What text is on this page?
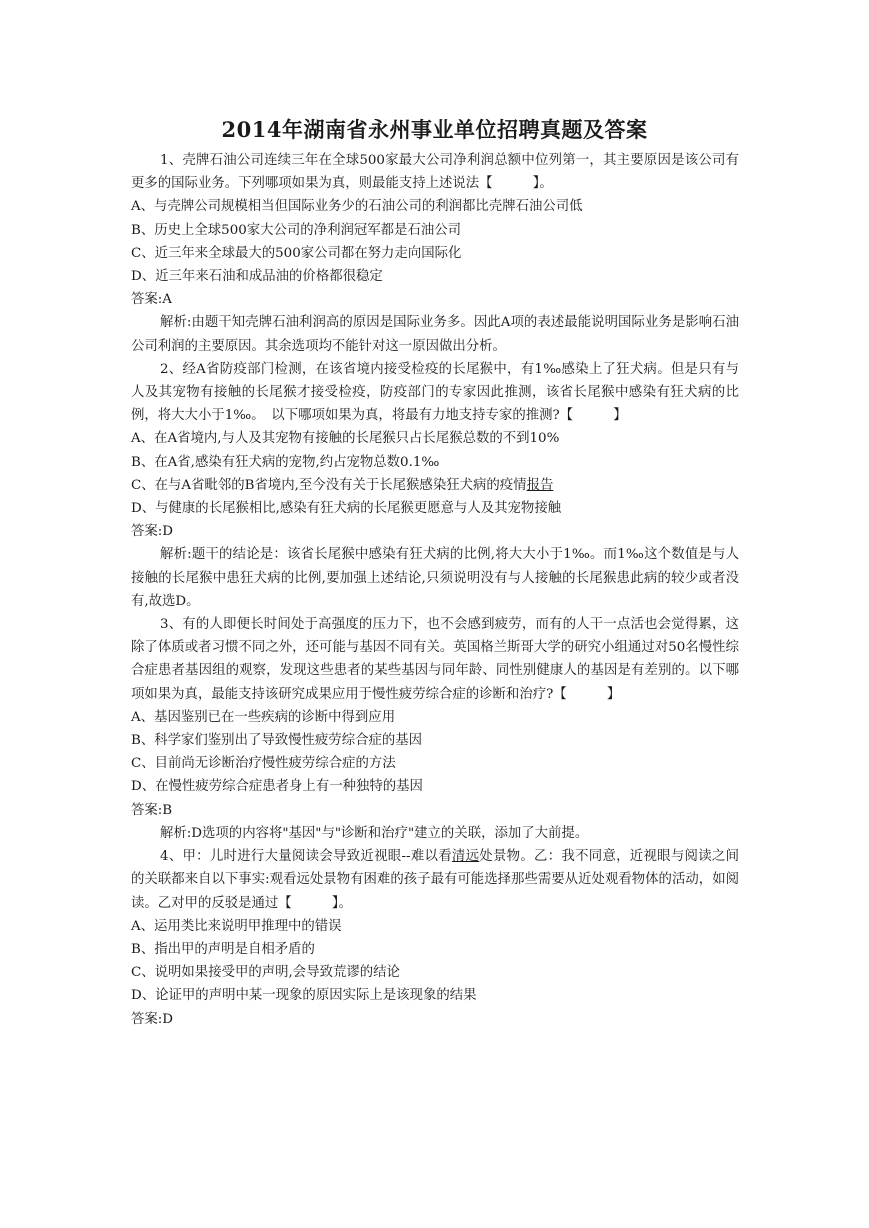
2014年湖南省永州事业单位招聘真题及答案

1、壳牌石油公司连续三年在全球500家最大公司净利润总额中位列第一，其主要原因是该公司有更多的国际业务。下列哪项如果为真，则最能支持上述说法【　　　】。

A、与壳牌公司规模相当但国际业务少的石油公司的利润都比壳牌石油公司低

B、历史上全球500家大公司的净利润冠军都是石油公司

C、近三年来全球最大的500家公司都在努力走向国际化

D、近三年来石油和成品油的价格都很稳定

答案:A

解析:由题干知壳牌石油利润高的原因是国际业务多。因此A项的表述最能说明国际业务是影响石油公司利润的主要原因。其余选项均不能针对这一原因做出分析。

2、经A省防疫部门检测，在该省境内接受检疫的长尾猴中，有1‰感染上了狂犬病。但是只有与人及其宠物有接触的长尾猴才接受检疫，防疫部门的专家因此推测，该省长尾猴中感染有狂犬病的比例，将大大小于1‰。　以下哪项如果为真，将最有力地支持专家的推测?【　　　】

A、在A省境内,与人及其宠物有接触的长尾猴只占长尾猴总数的不到10%

B、在A省,感染有狂犬病的宠物,约占宠物总数0.1‰

C、在与A省毗邻的B省境内,至今没有关于长尾猴感染狂犬病的疫情报告

D、与健康的长尾猴相比,感染有狂犬病的长尾猴更愿意与人及其宠物接触

答案:D

解析:题干的结论是：该省长尾猴中感染有狂犬病的比例,将大大小于1‰。而1‰这个数值是与人接触的长尾猴中患狂犬病的比例,要加强上述结论,只须说明没有与人接触的长尾猴患此病的较少或者没有,故选D。

3、有的人即便长时间处于高强度的压力下，也不会感到疲劳，而有的人干一点活也会觉得累，这除了体质或者习惯不同之外，还可能与基因不同有关。英国格兰斯哥大学的研究小组通过对50名慢性综合症患者基因组的观察，发现这些患者的某些基因与同年龄、同性别健康人的基因是有差别的。以下哪项如果为真，最能支持该研究成果应用于慢性疲劳综合症的诊断和治疗?【　　　】

A、基因鉴别已在一些疾病的诊断中得到应用

B、科学家们鉴别出了导致慢性疲劳综合症的基因

C、目前尚无诊断治疗慢性疲劳综合症的方法

D、在慢性疲劳综合症患者身上有一种独特的基因

答案:B

解析:D选项的内容将"基因"与"诊断和治疗"建立的关联，添加了大前提。

4、甲：儿时进行大量阅读会导致近视眼--难以看清远处景物。乙：我不同意，近视眼与阅读之间的关联都来自以下事实:观看远处景物有困难的孩子最有可能选择那些需要从近处观看物体的活动，如阅读。乙对甲的反驳是通过【　　　】。

A、运用类比来说明甲推理中的错误

B、指出甲的声明是自相矛盾的

C、说明如果接受甲的声明,会导致荒谬的结论

D、论证甲的声明中某一现象的原因实际上是该现象的结果

答案:D
